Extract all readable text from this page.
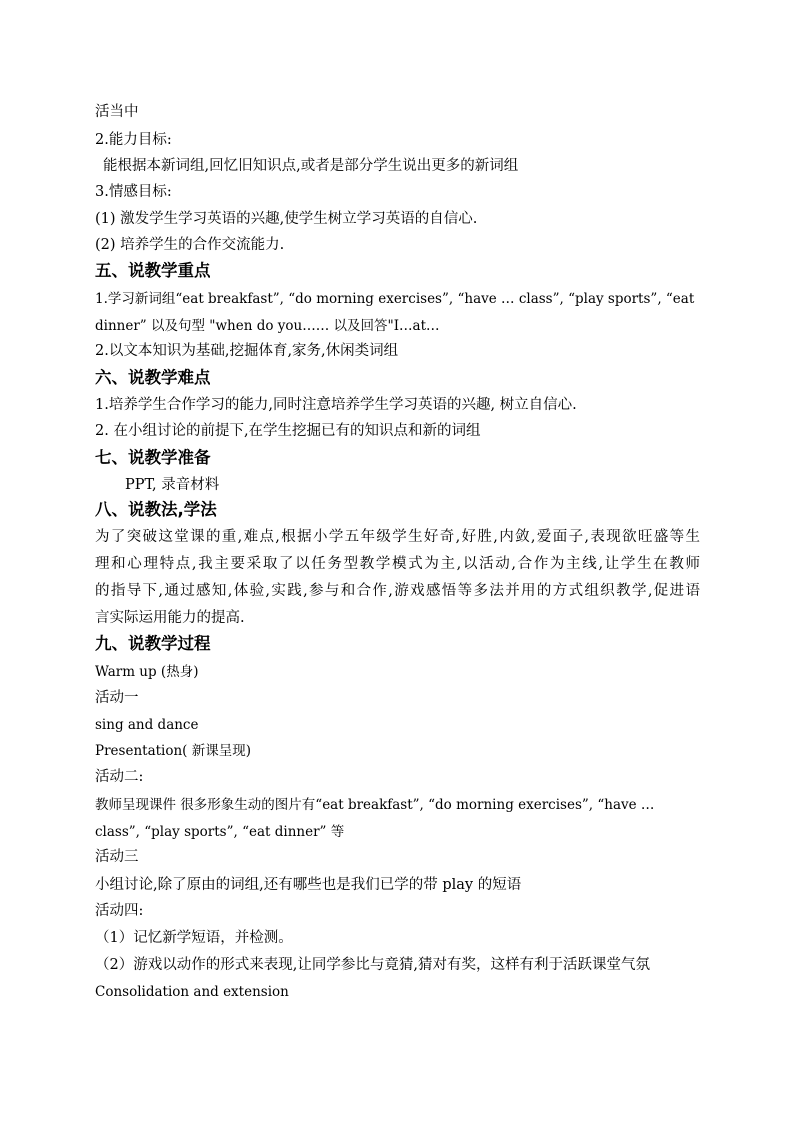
活当中
2.能力目标:
能根据本新词组,回忆旧知识点,或者是部分学生说出更多的新词组
3.情感目标:
(1) 激发学生学习英语的兴趣,使学生树立学习英语的自信心.
(2) 培养学生的合作交流能力.
五、说教学重点
1.学习新词组“eat breakfast”, “do morning exercises”, “have … class”, “play sports”, “eat
dinner” 以及句型 "when do you…… 以及回答"I…at…
2.以文本知识为基础,挖掘体育,家务,休闲类词组
六、说教学难点
1.培养学生合作学习的能力,同时注意培养学生学习英语的兴趣, 树立自信心.
2. 在小组讨论的前提下,在学生挖掘已有的知识点和新的词组
七、说教学准备
PPT, 录音材料
八、说教法,学法
为了突破这堂课的重,难点,根据小学五年级学生好奇,好胜,内敛,爱面子,表现欲旺盛等生
理和心理特点,我主要采取了以任务型教学模式为主,以活动,合作为主线,让学生在教师
的指导下,通过感知,体验,实践,参与和合作,游戏感悟等多法并用的方式组织教学,促进语
言实际运用能力的提高.
九、说教学过程
Warm up (热身)
活动一
sing and dance
Presentation( 新课呈现)
活动二:
教师呈现课件 很多形象生动的图片有“eat breakfast”, “do morning exercises”, “have …
class”, “play sports”, “eat dinner” 等
活动三
小组讨论,除了原由的词组,还有哪些也是我们已学的带 play 的短语
活动四:
（1）记忆新学短语，并检测。
（2）游戏以动作的形式来表现,让同学参比与竟猜,猜对有奖，这样有利于活跃课堂气氛
Consolidation and extension
